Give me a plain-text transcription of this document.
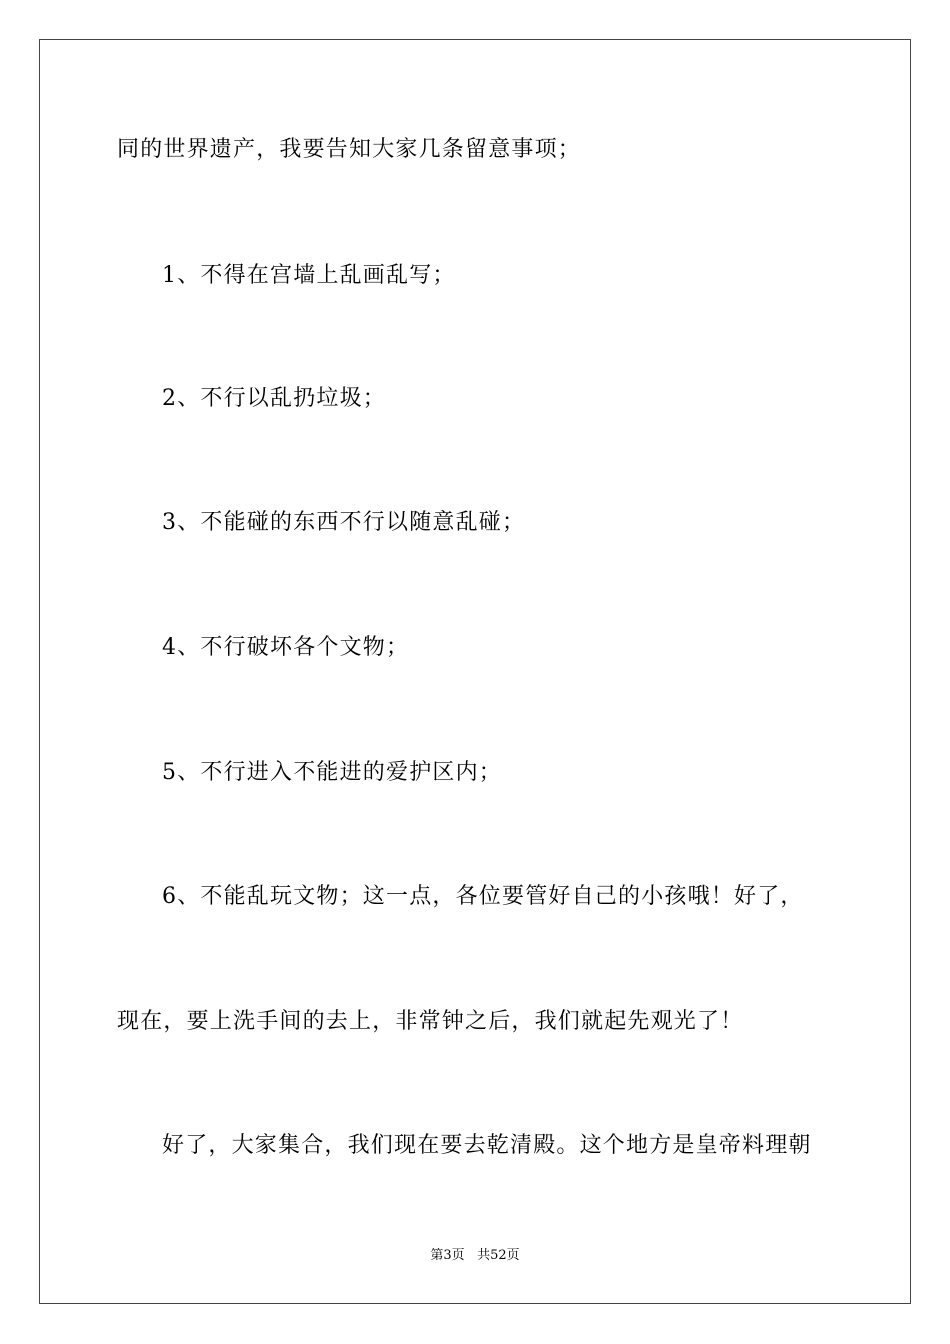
同的世界遗产，我要告知大家几条留意事项；
1、不得在宫墙上乱画乱写；
2、不行以乱扔垃圾；
3、不能碰的东西不行以随意乱碰；
4、不行破坏各个文物；
5、不行进入不能进的爱护区内；
6、不能乱玩文物；这一点，各位要管好自己的小孩哦！好了，
现在，要上洗手间的去上，非常钟之后，我们就起先观光了！
好了，大家集合，我们现在要去乾清殿。这个地方是皇帝料理朝
第3页 共52页
